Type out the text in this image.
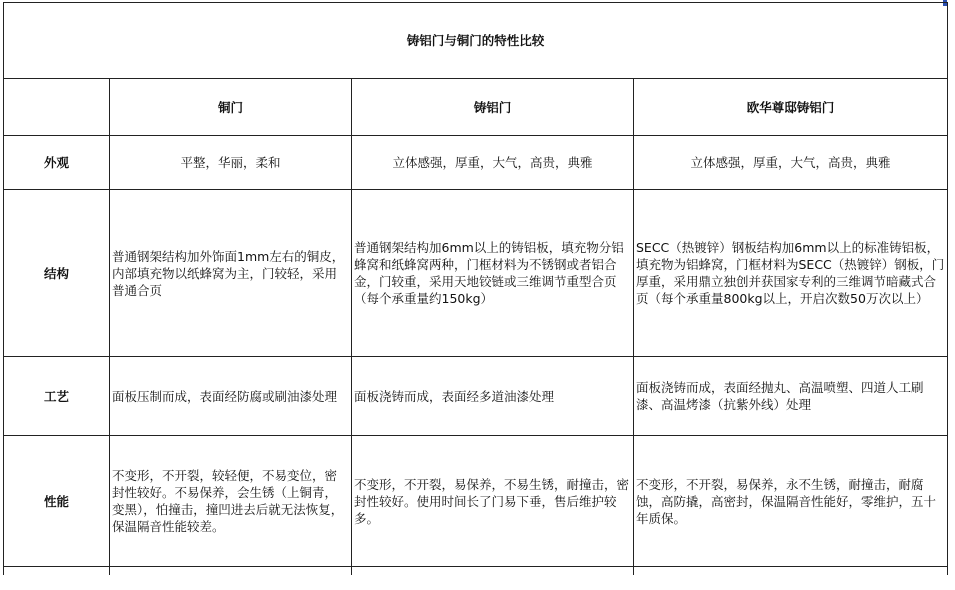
铸铝门与铜门的特性比较			
	铜门	铸铝门	欧华尊邸铸铝门
外观	平整，华丽，柔和	立体感强，厚重，大气，高贵，典雅	立体感强，厚重，大气，高贵，典雅
结构	普通钢架结构加外饰面1mm左右的铜皮，内部填充物以纸蜂窝为主，门较轻，采用普通合页	普通钢架结构加6mm以上的铸铝板，填充物分铝蜂窝和纸蜂窝两种，门框材料为不锈钢或者铝合金，门较重，采用天地铰链或三维调节重型合页（每个承重量约150kg）	SECC（热镀锌）钢板结构加6mm以上的标准铸铝板，填充物为铝蜂窝，门框材料为SECC（热镀锌）钢板，门厚重，采用鼎立独创并获国家专利的三维调节暗藏式合页（每个承重量800kg以上，开启次数50万次以上）
工艺	面板压制而成，表面经防腐或刷油漆处理	面板浇铸而成，表面经多道油漆处理	面板浇铸而成，表面经抛丸、高温喷塑、四道人工刷漆、高温烤漆（抗紫外线）处理
性能	不变形，不开裂，较轻便，不易变位，密封性较好。不易保养，会生锈（上铜青，变黑），怕撞击，撞凹进去后就无法恢复，保温隔音性能较差。	不变形，不开裂，易保养，不易生锈，耐撞击，密封性较好。使用时间长了门易下垂，售后维护较多。	不变形，不开裂，易保养，永不生锈，耐撞击，耐腐蚀，高防撬，高密封，保温隔音性能好，零维护，五十年质保。
